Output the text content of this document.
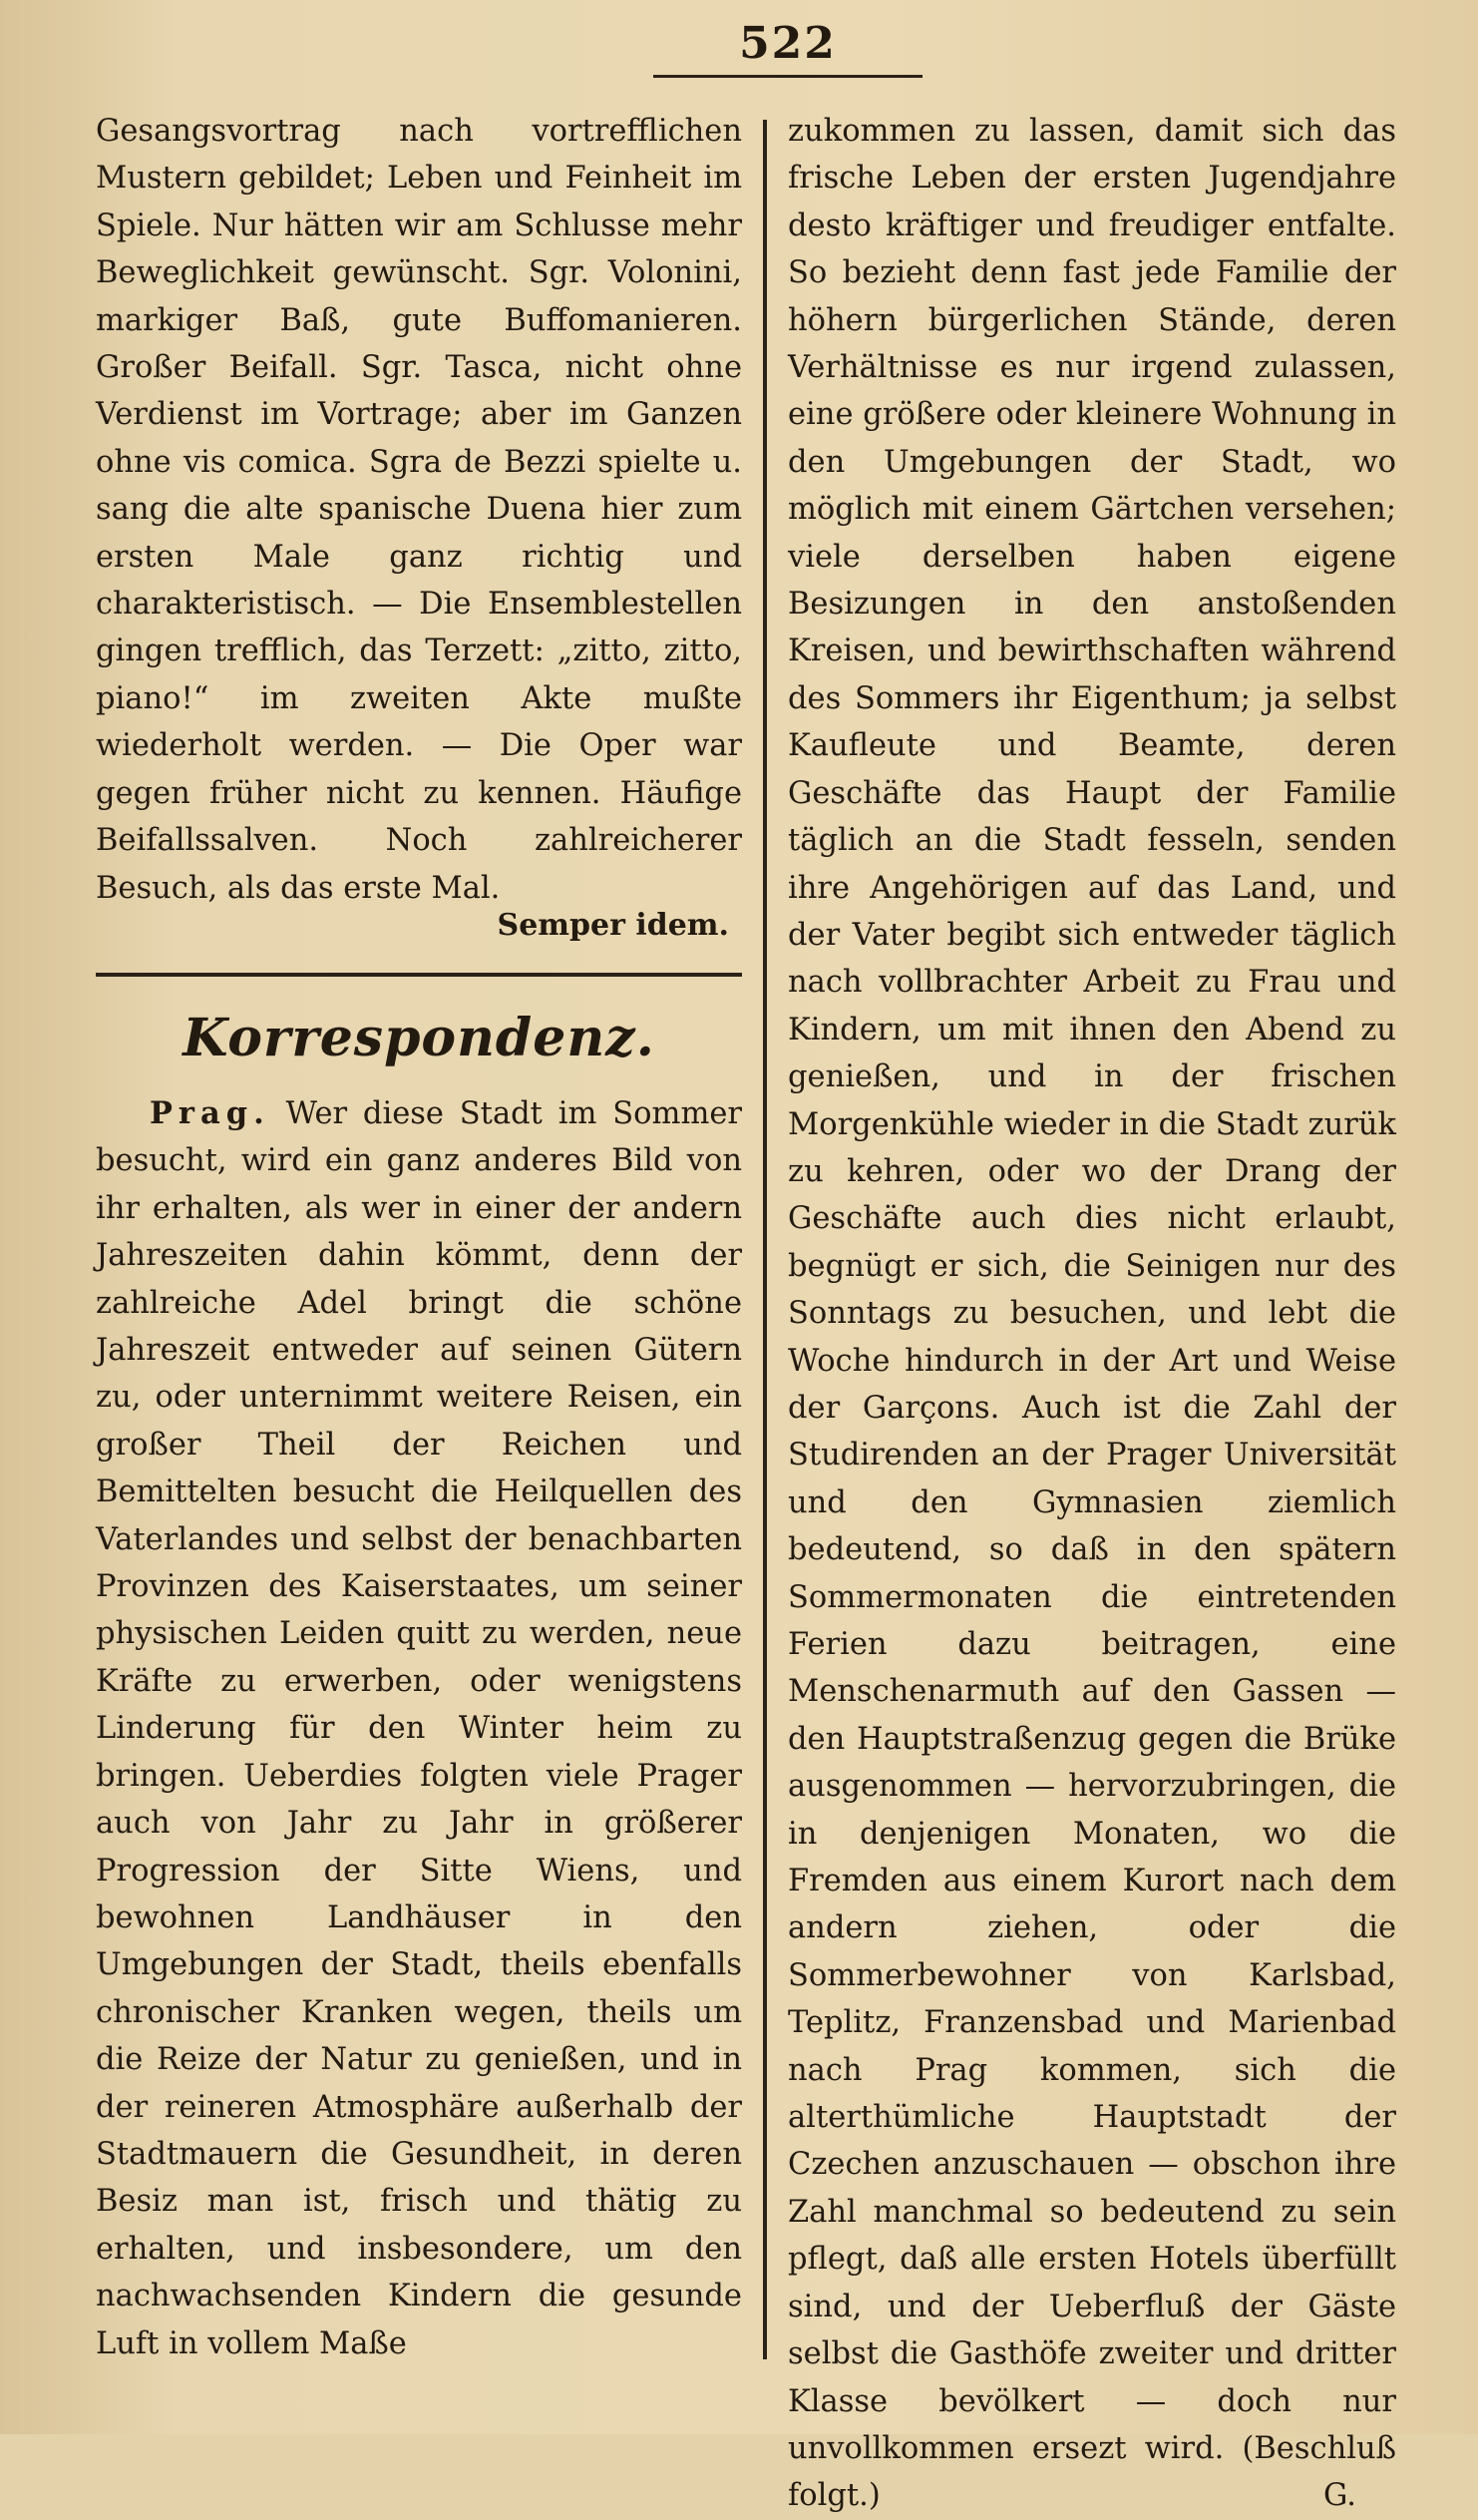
522

Gesangsvortrag nach vortrefflichen Mustern gebildet; Leben und Feinheit im Spiele. Nur hätten wir am Schlusse mehr Beweglichkeit gewünscht. Sgr. Volonini, markiger Baß, gute Buffomanieren. Großer Beifall. Sgr. Tasca, nicht ohne Verdienst im Vortrage; aber im Ganzen ohne vis comica. Sgra de Bezzi spielte u. sang die alte spanische Duena hier zum ersten Male ganz richtig und charakteristisch. — Die Ensemblestellen gingen trefflich, das Terzett: „zitto, zitto, piano!“ im zweiten Akte mußte wiederholt werden. — Die Oper war gegen früher nicht zu kennen. Häufige Beifallssalven. Noch zahlreicherer Besuch, als das erste Mal.

Semper idem.
Korrespondenz.

Prag. Wer diese Stadt im Sommer besucht, wird ein ganz anderes Bild von ihr erhalten, als wer in einer der andern Jahreszeiten dahin kömmt, denn der zahlreiche Adel bringt die schöne Jahreszeit entweder auf seinen Gütern zu, oder unternimmt weitere Reisen, ein großer Theil der Reichen und Bemittelten besucht die Heilquellen des Vaterlandes und selbst der benachbarten Provinzen des Kaiserstaates, um seiner physischen Leiden quitt zu werden, neue Kräfte zu erwerben, oder wenigstens Linderung für den Winter heim zu bringen. Ueberdies folgten viele Prager auch von Jahr zu Jahr in größerer Progression der Sitte Wiens, und bewohnen Landhäuser in den Umgebungen der Stadt, theils ebenfalls chronischer Kranken wegen, theils um die Reize der Natur zu genießen, und in der reineren Atmosphäre außerhalb der Stadtmauern die Gesundheit, in deren Besiz man ist, frisch und thätig zu erhalten, und insbesondere, um den nachwachsenden Kindern die gesunde Luft in vollem Maße

zukommen zu lassen, damit sich das frische Leben der ersten Jugendjahre desto kräftiger und freudiger entfalte. So bezieht denn fast jede Familie der höhern bürgerlichen Stände, deren Verhältnisse es nur irgend zulassen, eine größere oder kleinere Wohnung in den Umgebungen der Stadt, wo möglich mit einem Gärtchen versehen; viele derselben haben eigene Besizungen in den anstoßenden Kreisen, und bewirthschaften während des Sommers ihr Eigenthum; ja selbst Kaufleute und Beamte, deren Geschäfte das Haupt der Familie täglich an die Stadt fesseln, senden ihre Angehörigen auf das Land, und der Vater begibt sich entweder täglich nach vollbrachter Arbeit zu Frau und Kindern, um mit ihnen den Abend zu genießen, und in der frischen Morgenkühle wieder in die Stadt zurük zu kehren, oder wo der Drang der Geschäfte auch dies nicht erlaubt, begnügt er sich, die Seinigen nur des Sonntags zu besuchen, und lebt die Woche hindurch in der Art und Weise der Garçons. Auch ist die Zahl der Studirenden an der Prager Universität und den Gymnasien ziemlich bedeutend, so daß in den spätern Sommermonaten die eintretenden Ferien dazu beitragen, eine Menschenarmuth auf den Gassen — den Hauptstraßenzug gegen die Brüke ausgenommen — hervorzubringen, die in denjenigen Monaten, wo die Fremden aus einem Kurort nach dem andern ziehen, oder die Sommerbewohner von Karlsbad, Teplitz, Franzensbad und Marienbad nach Prag kommen, sich die alterthümliche Hauptstadt der Czechen anzuschauen — obschon ihre Zahl manchmal so bedeutend zu sein pflegt, daß alle ersten Hotels überfüllt sind, und der Ueberfluß der Gäste selbst die Gasthöfe zweiter und dritter Klasse bevölkert — doch nur unvollkommen ersezt wird. (Beschluß folgt.)	G.
